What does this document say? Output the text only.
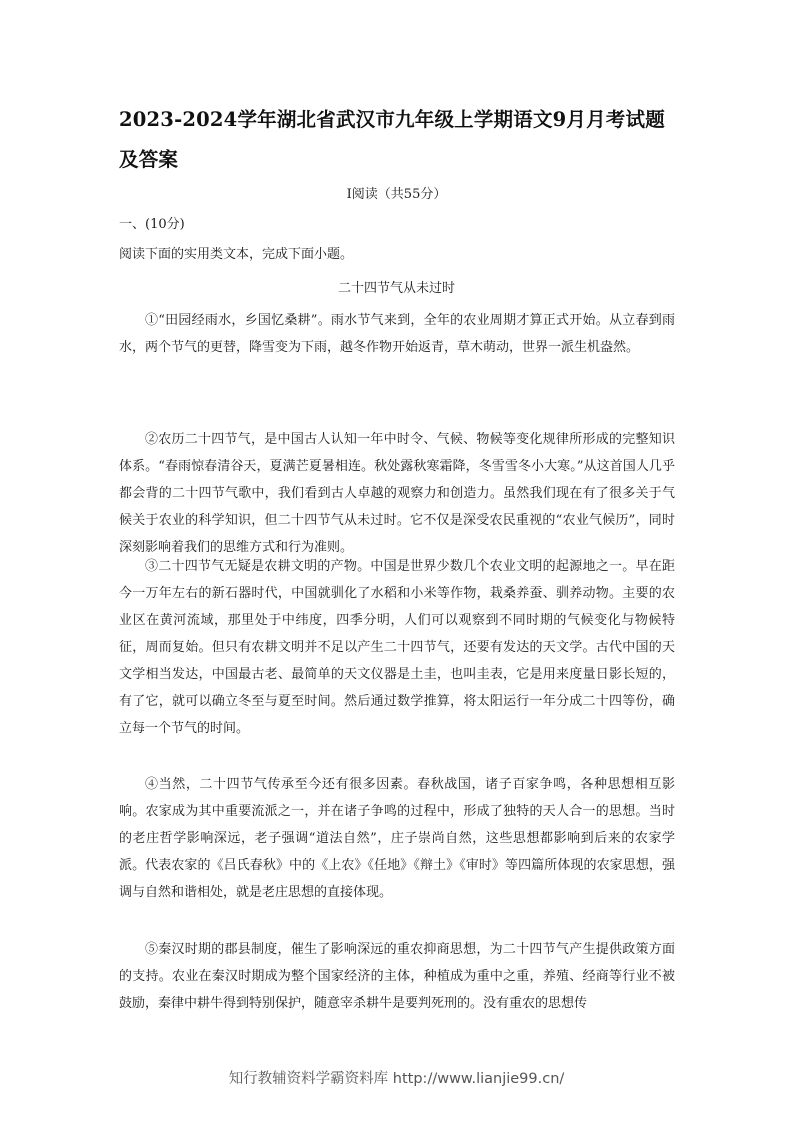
2023-2024学年湖北省武汉市九年级上学期语文9月月考试题及答案
Ⅰ阅读（共55分）
一、(10分)
阅读下面的实用类文本，完成下面小题。
二十四节气从未过时

①“田园经雨水，乡国忆桑耕”。雨水节气来到，全年的农业周期才算正式开始。从立春到雨水，两个节气的更替，降雪变为下雨，越冬作物开始返青，草木萌动，世界一派生机盎然。

②农历二十四节气，是中国古人认知一年中时令、气候、物候等变化规律所形成的完整知识体系。“春雨惊春清谷天，夏满芒夏暑相连。秋处露秋寒霜降，冬雪雪冬小大寒。”从这首国人几乎都会背的二十四节气歌中，我们看到古人卓越的观察力和创造力。虽然我们现在有了很多关于气候关于农业的科学知识，但二十四节气从未过时。它不仅是深受农民重视的“农业气候历”，同时深刻影响着我们的思维方式和行为准则。

③二十四节气无疑是农耕文明的产物。中国是世界少数几个农业文明的起源地之一。早在距今一万年左右的新石器时代，中国就驯化了水稻和小米等作物，栽桑养蚕、驯养动物。主要的农业区在黄河流域，那里处于中纬度，四季分明，人们可以观察到不同时期的气候变化与物候特征，周而复始。但只有农耕文明并不足以产生二十四节气，还要有发达的天文学。古代中国的天文学相当发达，中国最古老、最简单的天文仪器是土圭，也叫圭表，它是用来度量日影长短的，有了它，就可以确立冬至与夏至时间。然后通过数学推算，将太阳运行一年分成二十四等份，确立每一个节气的时间。

④当然，二十四节气传承至今还有很多因素。春秋战国，诸子百家争鸣，各种思想相互影响。农家成为其中重要流派之一，并在诸子争鸣的过程中，形成了独特的天人合一的思想。当时的老庄哲学影响深远，老子强调“道法自然”，庄子崇尚自然，这些思想都影响到后来的农家学派。代表农家的《吕氏春秋》中的《上农》《任地》《辩土》《审时》等四篇所体现的农家思想，强调与自然和谐相处，就是老庄思想的直接体现。

⑤秦汉时期的郡县制度，催生了影响深远的重农抑商思想，为二十四节气产生提供政策方面的支持。农业在秦汉时期成为整个国家经济的主体，种植成为重中之重，养殖、经商等行业不被鼓励，秦律中耕牛得到特别保护，随意宰杀耕牛是要判死刑的。没有重农的思想传

知行教辅资料学霸资料库 http://www.lianjie99.cn/
